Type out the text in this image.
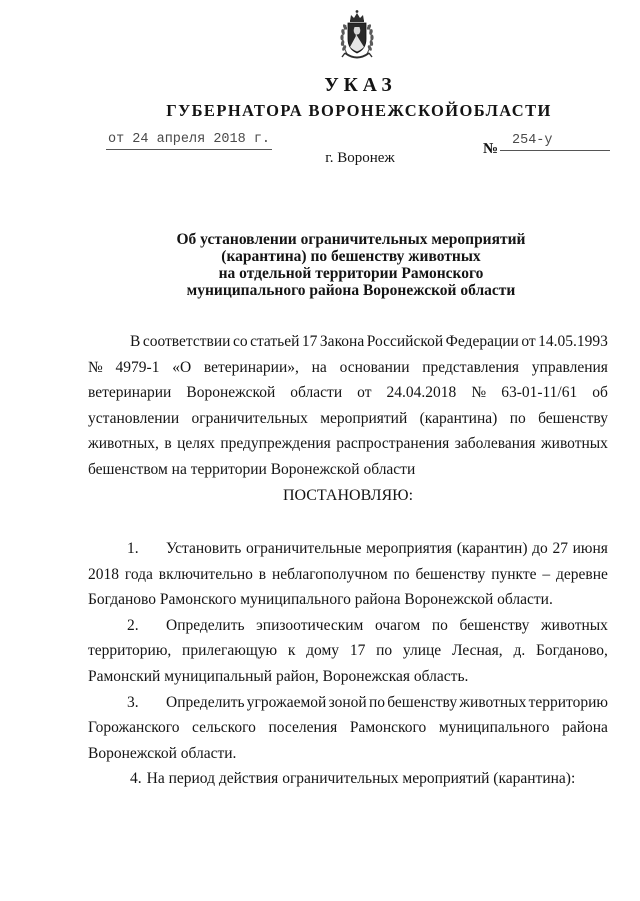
УКАЗ
ГУБЕРНАТОРА ВОРОНЕЖСКОЙОБЛАСТИ
от 24 апреля 2018 г.
№
254-у
г. Воронеж
Об установлении ограничительных мероприятий
(карантина) по бешенству животных
на отдельной территории Рамонского
муниципального района Воронежской области
В соответствии со статьей 17 Закона Российской Федерации от 14.05.1993
№ 4979-1 «О ветеринарии», на основании представления управления
ветеринарии Воронежской области от 24.04.2018 № 63-01-11/61 об
установлении ограничительных мероприятий (карантина) по бешенству
животных, в целях предупреждения распространения заболевания животных
бешенством на территории Воронежской области
ПОСТАНОВЛЯЮ:
1.	Установить ограничительные мероприятия (карантин) до 27 июня
2018 года включительно в неблагополучном по бешенству пункте – деревне
Богданово Рамонского муниципального района Воронежской области.
2.	Определить эпизоотическим очагом по бешенству животных
территорию, прилегающую к дому 17 по улице Лесная, д. Богданово,
Рамонский муниципальный район, Воронежская область.
3.	Определить угрожаемой зоной по бешенству животных территорию
Горожанского сельского поселения Рамонского муниципального района
Воронежской области.
4. На период действия ограничительных мероприятий (карантина):
